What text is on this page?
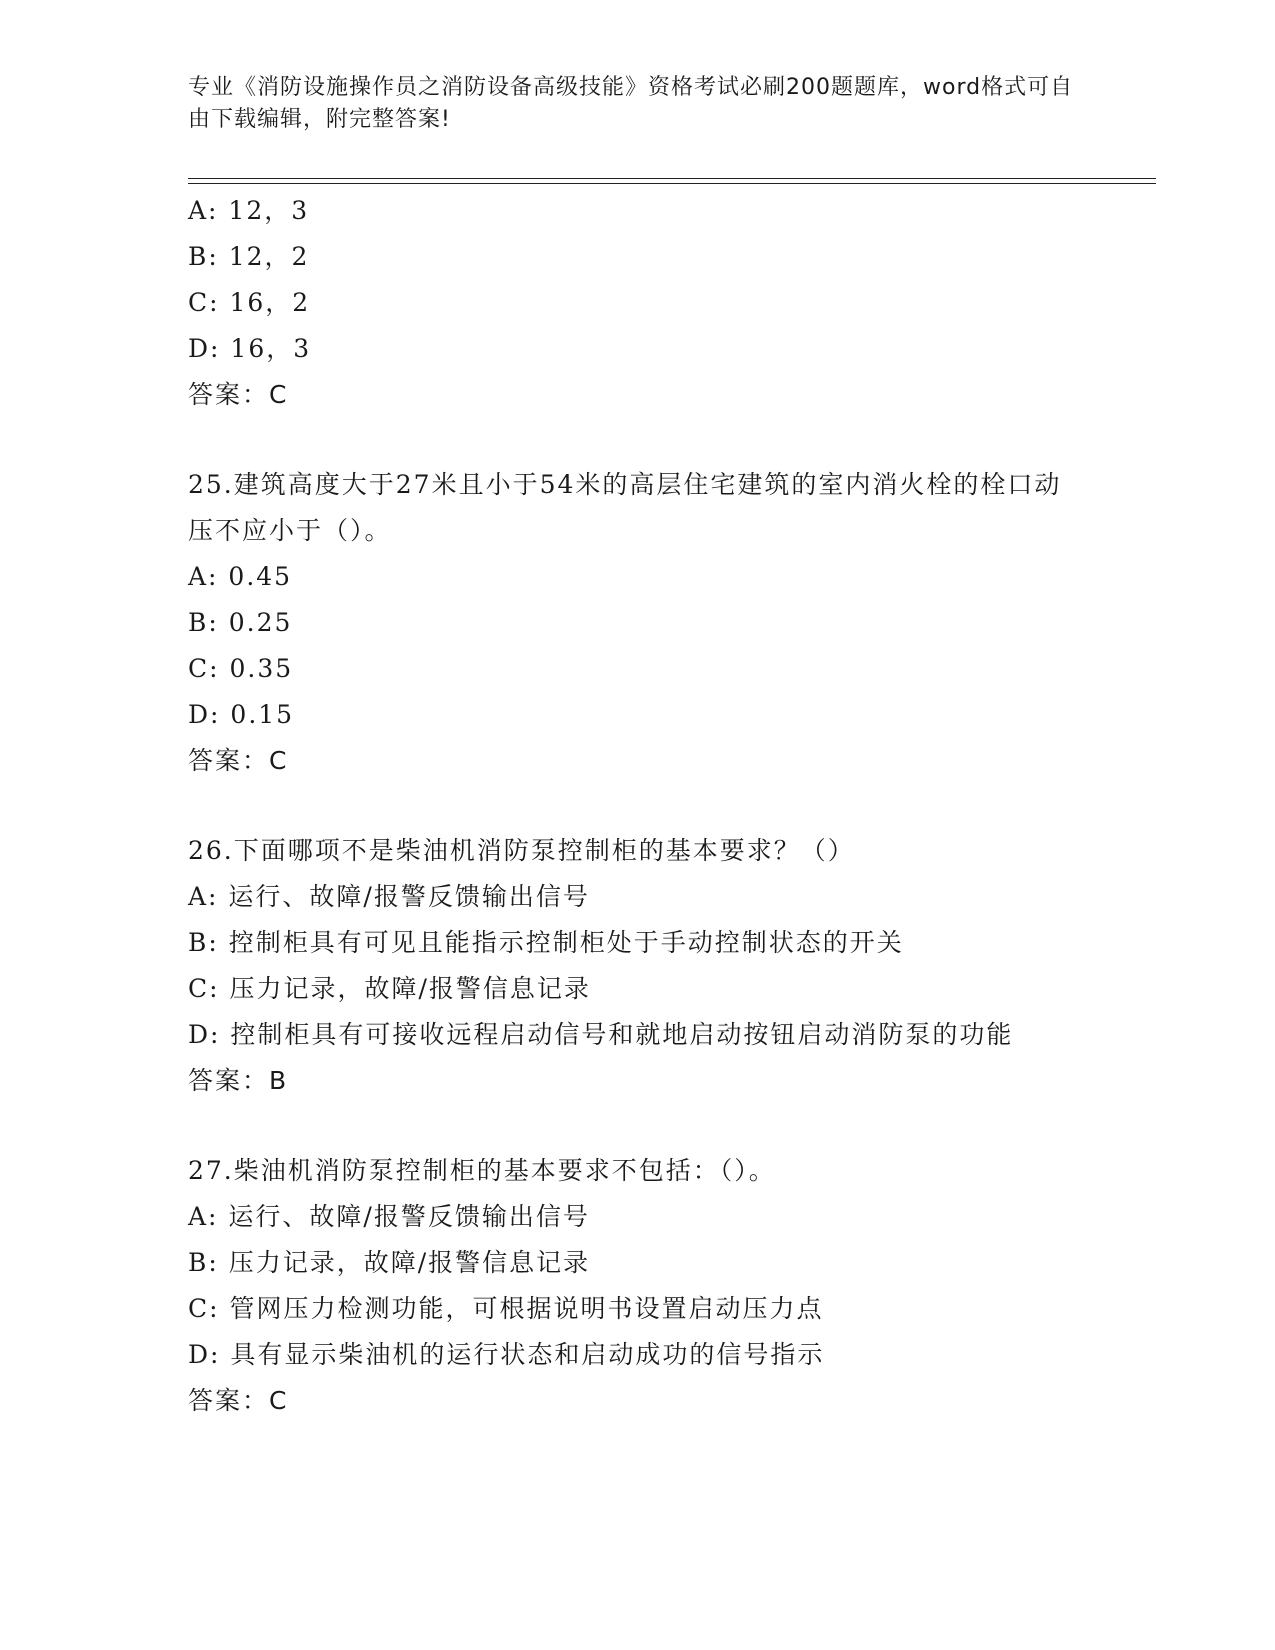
专业《消防设施操作员之消防设备高级技能》资格考试必刷200题题库，word格式可自由下载编辑，附完整答案!
A: 12，3
B: 12，2
C: 16，2
D: 16，3
答案：C
25.建筑高度大于27米且小于54米的高层住宅建筑的室内消火栓的栓口动压不应小于（）。
A: 0.45
B: 0.25
C: 0.35
D: 0.15
答案：C
26.下面哪项不是柴油机消防泵控制柜的基本要求？（）
A: 运行、故障/报警反馈输出信号
B: 控制柜具有可见且能指示控制柜处于手动控制状态的开关
C: 压力记录，故障/报警信息记录
D: 控制柜具有可接收远程启动信号和就地启动按钮启动消防泵的功能
答案：B
27.柴油机消防泵控制柜的基本要求不包括：（）。
A: 运行、故障/报警反馈输出信号
B: 压力记录，故障/报警信息记录
C: 管网压力检测功能，可根据说明书设置启动压力点
D: 具有显示柴油机的运行状态和启动成功的信号指示
答案：C
